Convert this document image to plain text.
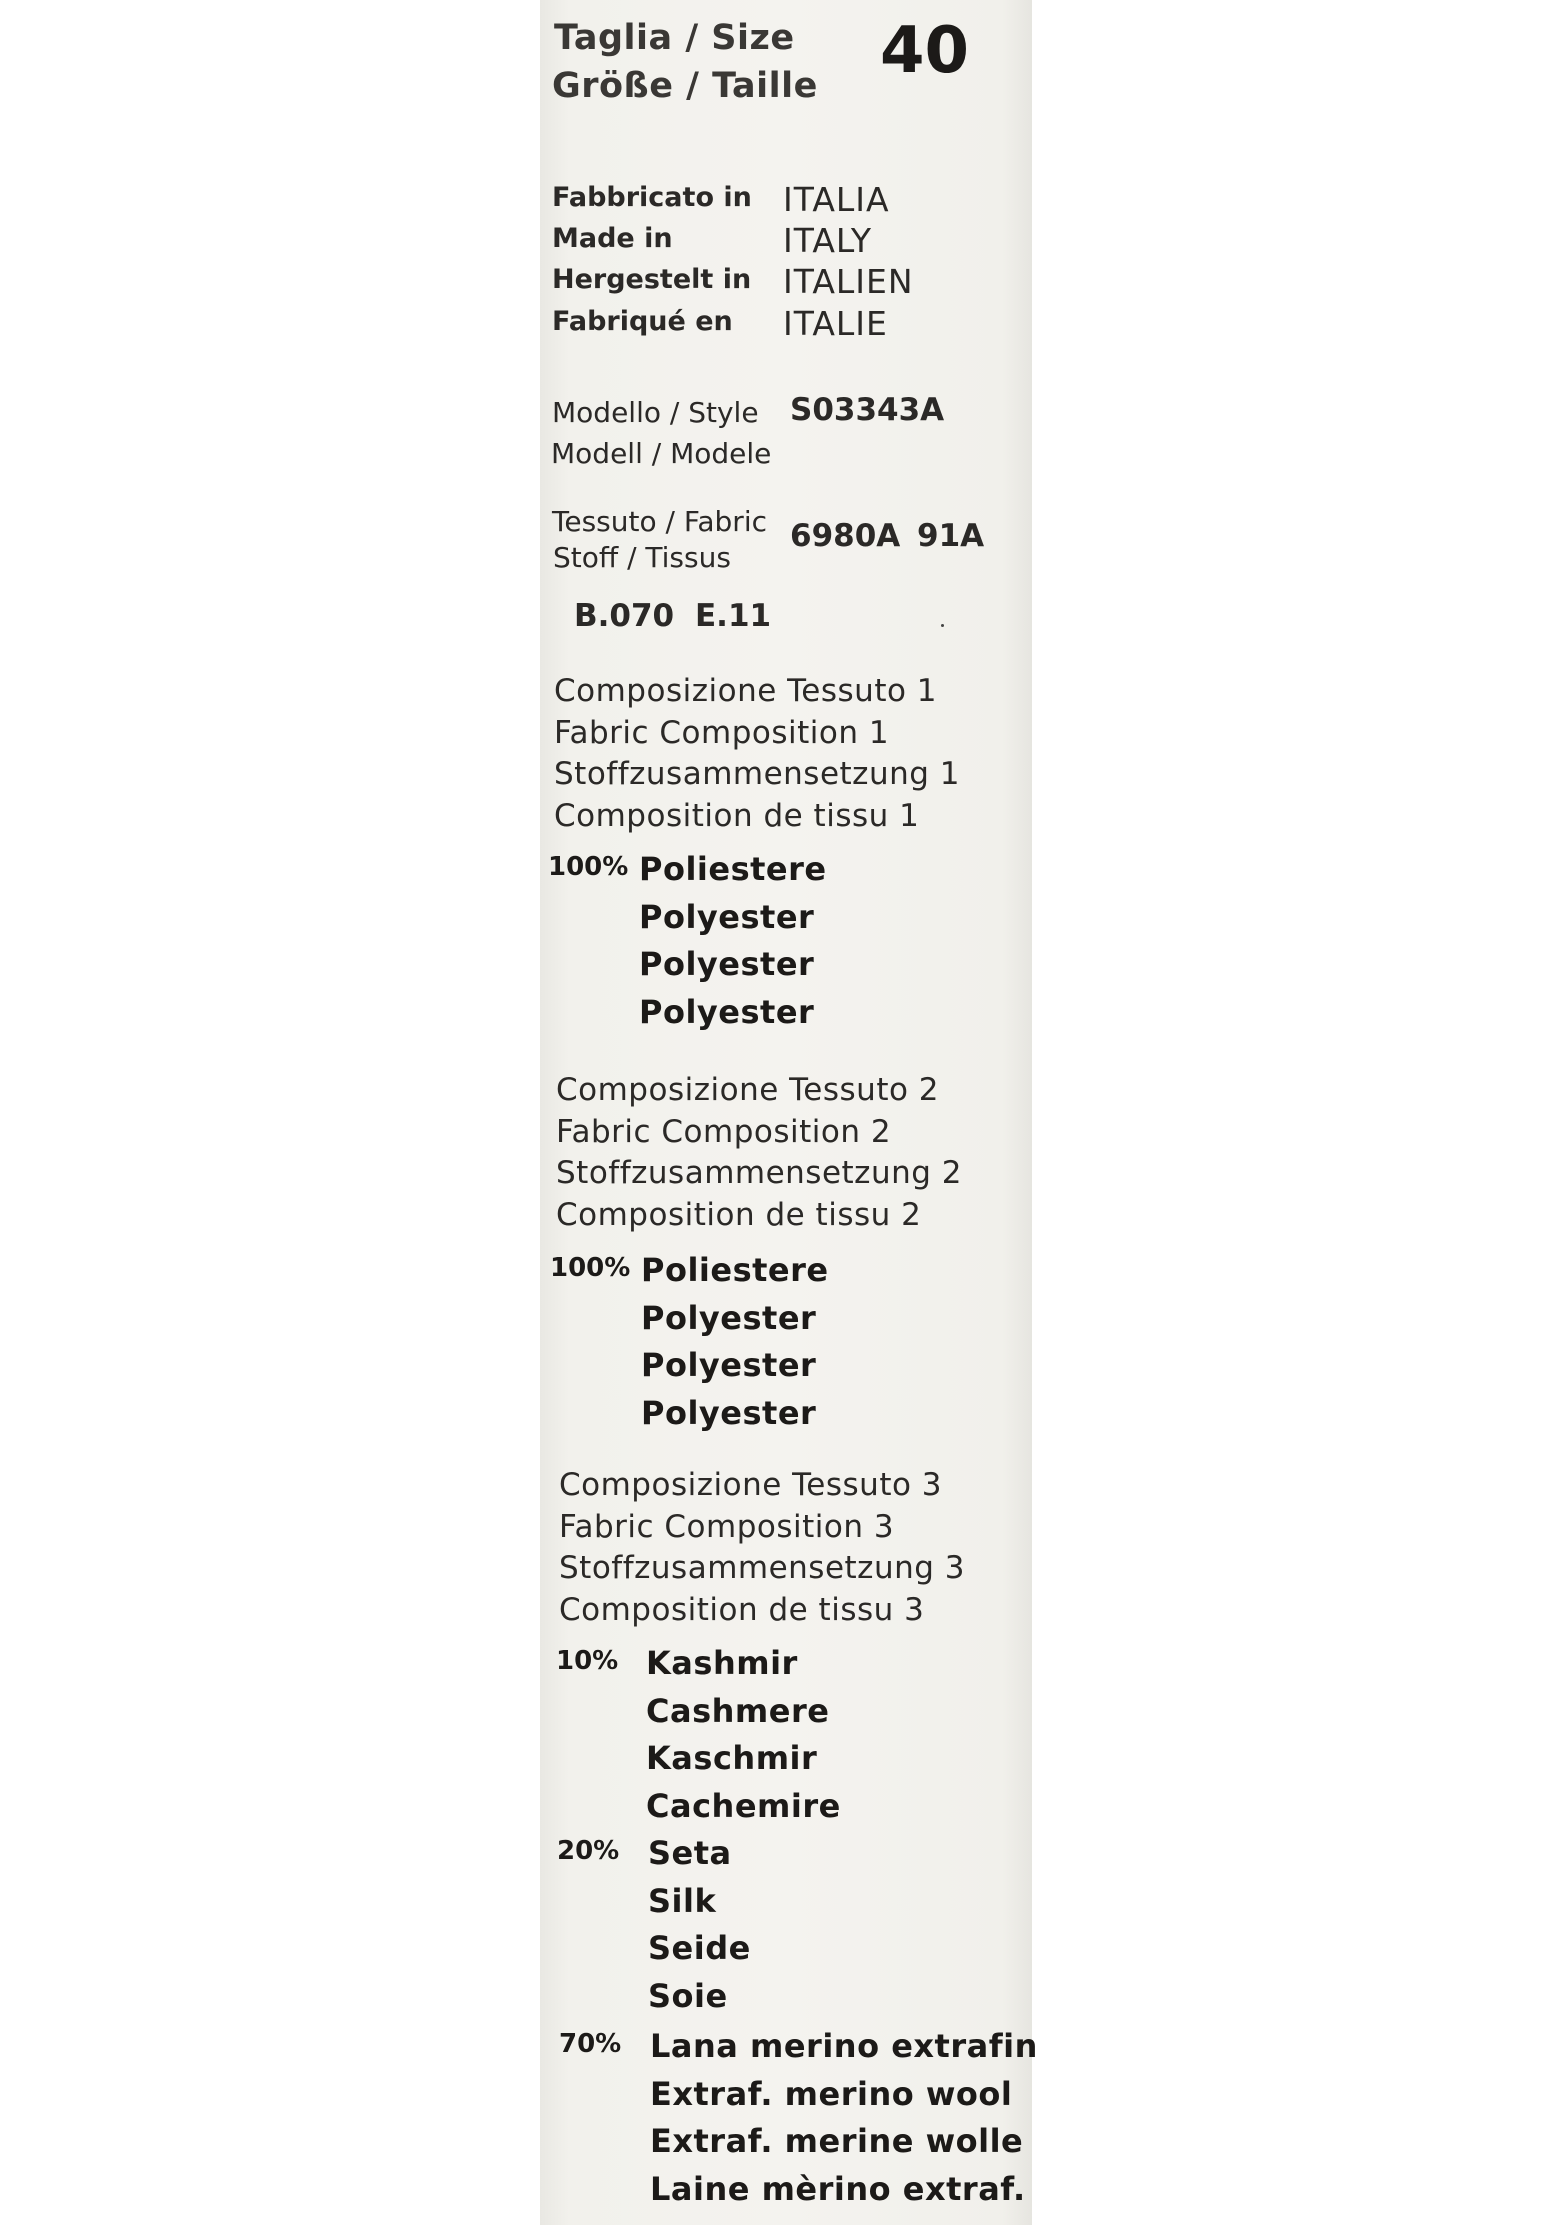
Taglia / Size
Größe / Taille 40
Fabbricato in ITALIA
Made in	ITALY
Hergestelt in ITALIEN
Fabriqué en ITALIE
Modello / Style
Modell / Modele
S03343A
Tessuto / Fabric
Stoff / Tissus
6980A 91A
B.070 E.11
Composizione Tessuto 1
Fabric Composition 1
Stoffzusammensetzung 1
Composition de tissu 1
100% Poliestere
Polyester
Polyester
Polyester
Composizione Tessuto 2
Fabric Composition 2
Stoffzusammensetzung 2
Composition de tissu 2
100% Poliestere
Polyester
Polyester
Polyester
Composizione Tessuto 3
Fabric Composition 3
Stoffzusammensetzung 3
Composition de tissu 3
10% Kashmir
Cashmere
Kaschmir
Cachemire
20% Seta
Silk
Seide
Soie
70% Lana merino extrafin
Extraf. merino wool
Extraf. merine wolle
Laine mèrino extraf.
